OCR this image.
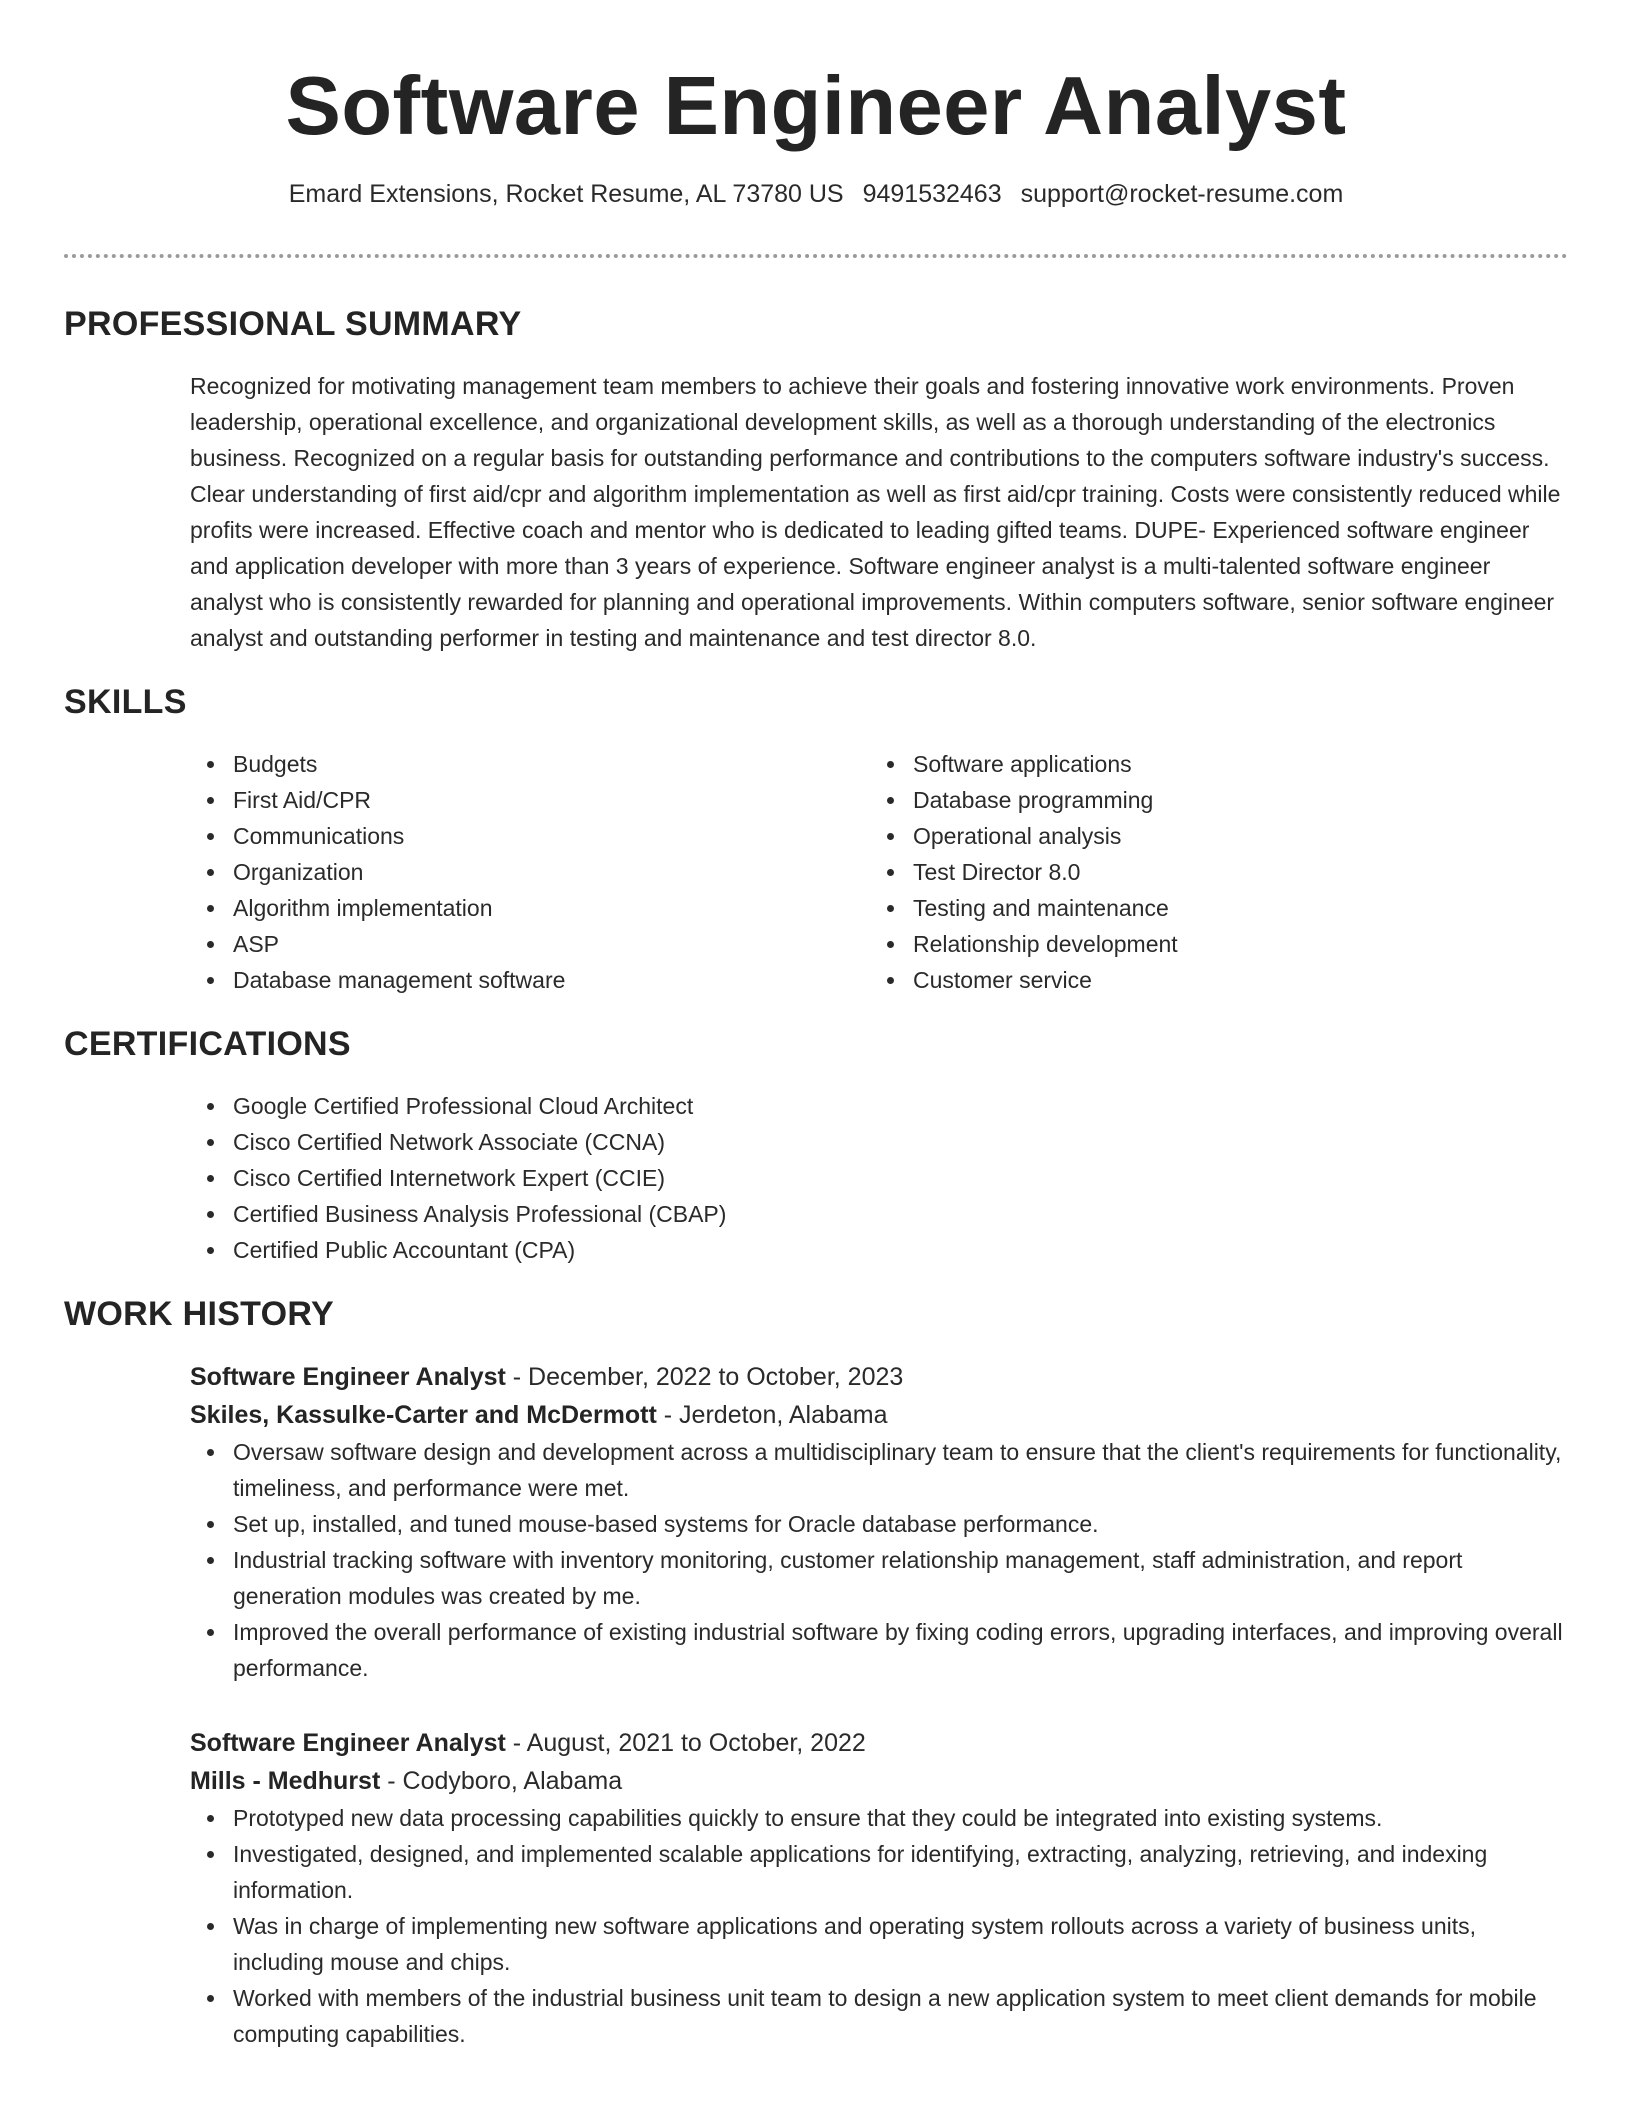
Software Engineer Analyst
Emard Extensions, Rocket Resume, AL 73780 US 9491532463 support@rocket-resume.com
PROFESSIONAL SUMMARY
Recognized for motivating management team members to achieve their goals and fostering innovative work environments. Proven leadership, operational excellence, and organizational development skills, as well as a thorough understanding of the electronics business. Recognized on a regular basis for outstanding performance and contributions to the computers software industry's success. Clear understanding of first aid/cpr and algorithm implementation as well as first aid/cpr training. Costs were consistently reduced while profits were increased. Effective coach and mentor who is dedicated to leading gifted teams. DUPE- Experienced software engineer and application developer with more than 3 years of experience. Software engineer analyst is a multi-talented software engineer analyst who is consistently rewarded for planning and operational improvements. Within computers software, senior software engineer analyst and outstanding performer in testing and maintenance and test director 8.0.
SKILLS
Budgets
First Aid/CPR
Communications
Organization
Algorithm implementation
ASP
Database management software
Software applications
Database programming
Operational analysis
Test Director 8.0
Testing and maintenance
Relationship development
Customer service
CERTIFICATIONS
Google Certified Professional Cloud Architect
Cisco Certified Network Associate (CCNA)
Cisco Certified Internetwork Expert (CCIE)
Certified Business Analysis Professional (CBAP)
Certified Public Accountant (CPA)
WORK HISTORY
Software Engineer Analyst - December, 2022 to October, 2023
Skiles, Kassulke-Carter and McDermott - Jerdeton, Alabama
Oversaw software design and development across a multidisciplinary team to ensure that the client's requirements for functionality, timeliness, and performance were met.
Set up, installed, and tuned mouse-based systems for Oracle database performance.
Industrial tracking software with inventory monitoring, customer relationship management, staff administration, and report generation modules was created by me.
Improved the overall performance of existing industrial software by fixing coding errors, upgrading interfaces, and improving overall performance.
Software Engineer Analyst - August, 2021 to October, 2022
Mills - Medhurst - Codyboro, Alabama
Prototyped new data processing capabilities quickly to ensure that they could be integrated into existing systems.
Investigated, designed, and implemented scalable applications for identifying, extracting, analyzing, retrieving, and indexing information.
Was in charge of implementing new software applications and operating system rollouts across a variety of business units, including mouse and chips.
Worked with members of the industrial business unit team to design a new application system to meet client demands for mobile computing capabilities.
